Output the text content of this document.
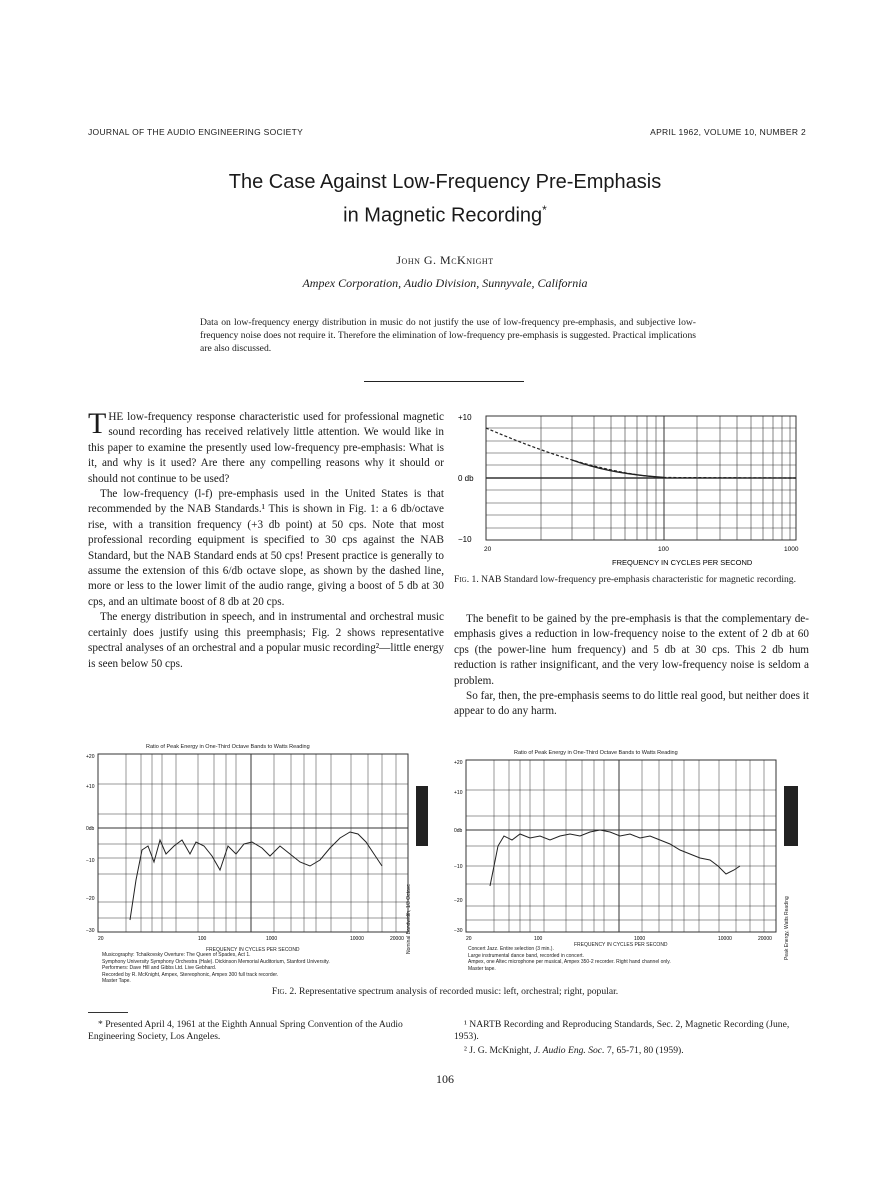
JOURNAL OF THE AUDIO ENGINEERING SOCIETY	APRIL 1962, VOLUME 10, NUMBER 2
The Case Against Low-Frequency Pre-Emphasis
in Magnetic Recording*
John G. McKnight
Ampex Corporation, Audio Division, Sunnyvale, California
Data on low-frequency energy distribution in music do not justify the use of low-frequency pre-emphasis, and subjective low-frequency noise does not require it. Therefore the elimination of low-frequency pre-emphasis is suggested. Practical implications are also discussed.

THE low-frequency response characteristic used for professional magnetic sound recording has received relatively little attention. We would like in this paper to examine the presently used low-frequency pre-emphasis: What is it, and why is it used? Are there any compelling reasons why it should or should not continue to be used?

The low-frequency (l-f) pre-emphasis used in the United States is that recommended by the NAB Standards.¹ This is shown in Fig. 1: a 6 db/octave rise, with a transition frequency (+3 db point) at 50 cps. Note that most professional recording equipment is specified to 30 cps against the NAB Standard, but the NAB Standard ends at 50 cps! Present practice is generally to assume the extension of this 6/db octave slope, as shown by the dashed line, more or less to the lower limit of the audio range, giving a boost of 5 db at 30 cps, and an ultimate boost of 8 db at 20 cps.

The energy distribution in speech, and in instrumental and orchestral music certainly does justify using this preemphasis; Fig. 2 shows representative spectral analyses of an orchestral and a popular music recording²—little energy is seen below 50 cps.

+10
0 db
−10
20	100	1000
FREQUENCY IN CYCLES PER SECOND
Fig. 1. NAB Standard low-frequency pre-emphasis characteristic for magnetic recording.

The benefit to be gained by the pre-emphasis is that the complementary de-emphasis gives a reduction in low-frequency noise to the extent of 2 db at 60 cps (the power-line hum frequency) and 5 db at 30 cps. This 2 db hum reduction is rather insignificant, and the very low-frequency noise is seldom a problem.

So far, then, the pre-emphasis seems to do little real good, but neither does it appear to do any harm.

Ratio of Peak Energy in One-Third Octave Bands to Watts Reading
+20
+10
0db
−10
−20
−30
20	100	1000	10000	20000
FREQUENCY IN CYCLES PER SECOND	Nominal Bandwidth, 1/3 Octave
Musicography: Tchaikovsky Overture: The Queen of Spades, Act 1.
Symphony University Symphony Orchestra (Hale). Dickinson Memorial Auditorium, Stanford University.
Performers: Dave Hill and Gibbs Ltd. Live Gebhard.
Recorded by R. McKnight, Ampex, Stereophonic, Ampex 300 full track recorder.
Master Tape.
Ratio of Peak Energy in One-Third Octave Bands to Watts Reading
+20
+10
0db
−10
−20
−30
20	100	1000	10000	20000
FREQUENCY IN CYCLES PER SECOND	Peak Energy, Watts Reading
Concert Jazz. Entire selection (3 min.).
Large instrumental dance band, recorded in concert.
Ampex, one Altec microphone per musical, Ampex 350-2 recorder. Right hand channel only.
Master tape.
Fig. 2. Representative spectrum analysis of recorded music: left, orchestral; right, popular.
* Presented April 4, 1961 at the Eighth Annual Spring Convention of the Audio Engineering Society, Los Angeles.
¹ NARTB Recording and Reproducing Standards, Sec. 2, Magnetic Recording (June, 1953).
² J. G. McKnight, J. Audio Eng. Soc. 7, 65-71, 80 (1959).
106
